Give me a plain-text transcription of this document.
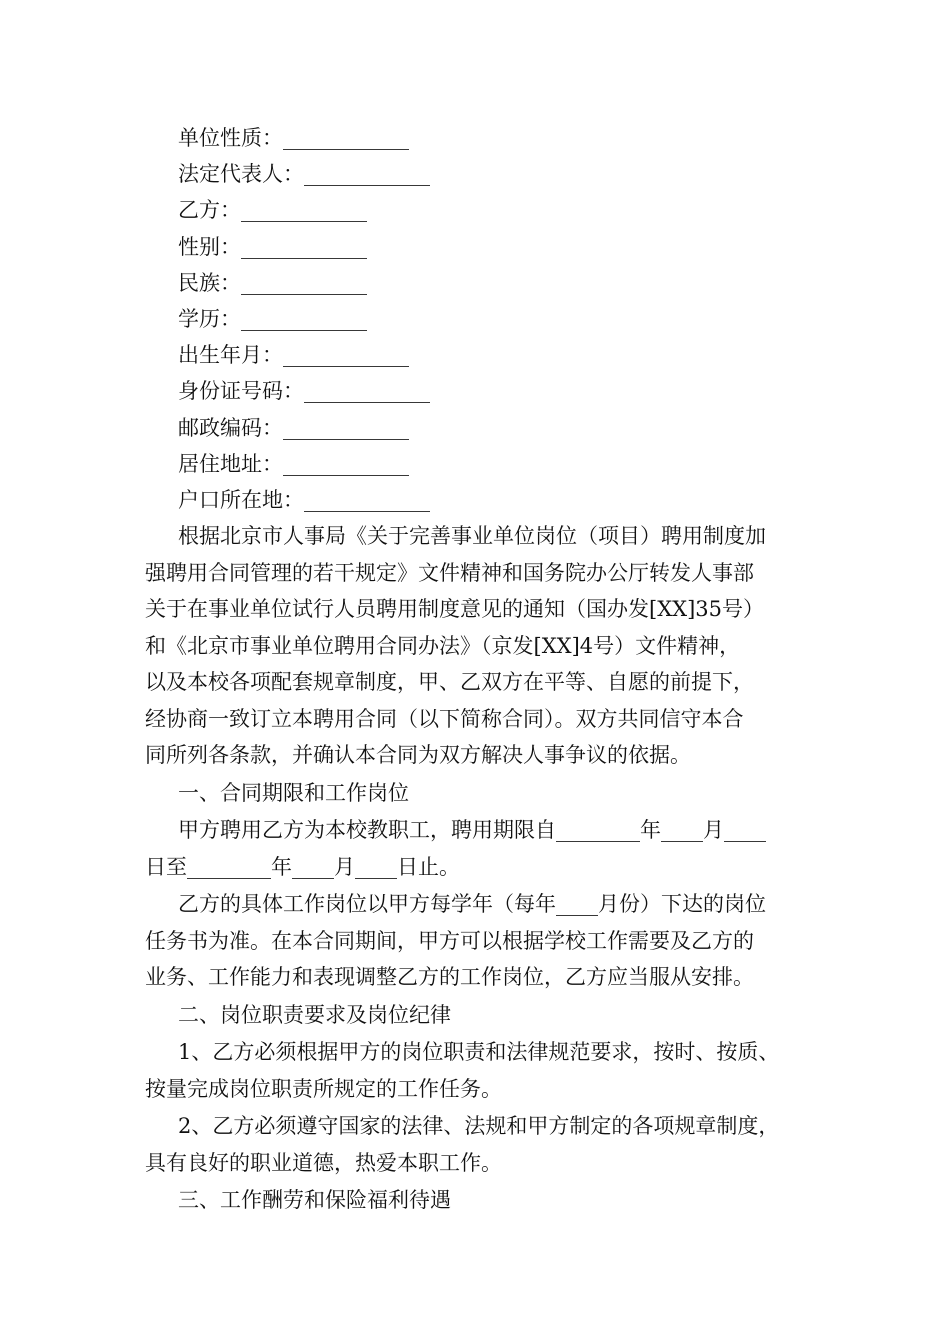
单位性质：____________
法定代表人：____________
乙方：____________
性别：____________
民族：____________
学历：____________
出生年月：____________
身份证号码：____________
邮政编码：____________
居住地址：____________
户口所在地：____________

根据北京市人事局《关于完善事业单位岗位（项目）聘用制度加
强聘用合同管理的若干规定》文件精神和国务院办公厅转发人事部
关于在事业单位试行人员聘用制度意见的通知（国办发[XX]35号）
和《北京市事业单位聘用合同办法》（京发[XX]4号）文件精神，
以及本校各项配套规章制度，甲、乙双方在平等、自愿的前提下，
经协商一致订立本聘用合同（以下简称合同）。双方共同信守本合
同所列各条款，并确认本合同为双方解决人事争议的依据。

一、合同期限和工作岗位

甲方聘用乙方为本校教职工，聘用期限自________年____月____
日至________年____月____日止。

乙方的具体工作岗位以甲方每学年（每年____月份）下达的岗位
任务书为准。在本合同期间，甲方可以根据学校工作需要及乙方的
业务、工作能力和表现调整乙方的工作岗位，乙方应当服从安排。

二、岗位职责要求及岗位纪律

1、乙方必须根据甲方的岗位职责和法律规范要求，按时、按质、
按量完成岗位职责所规定的工作任务。

2、乙方必须遵守国家的法律、法规和甲方制定的各项规章制度，
具有良好的职业道德，热爱本职工作。

三、工作酬劳和保险福利待遇
